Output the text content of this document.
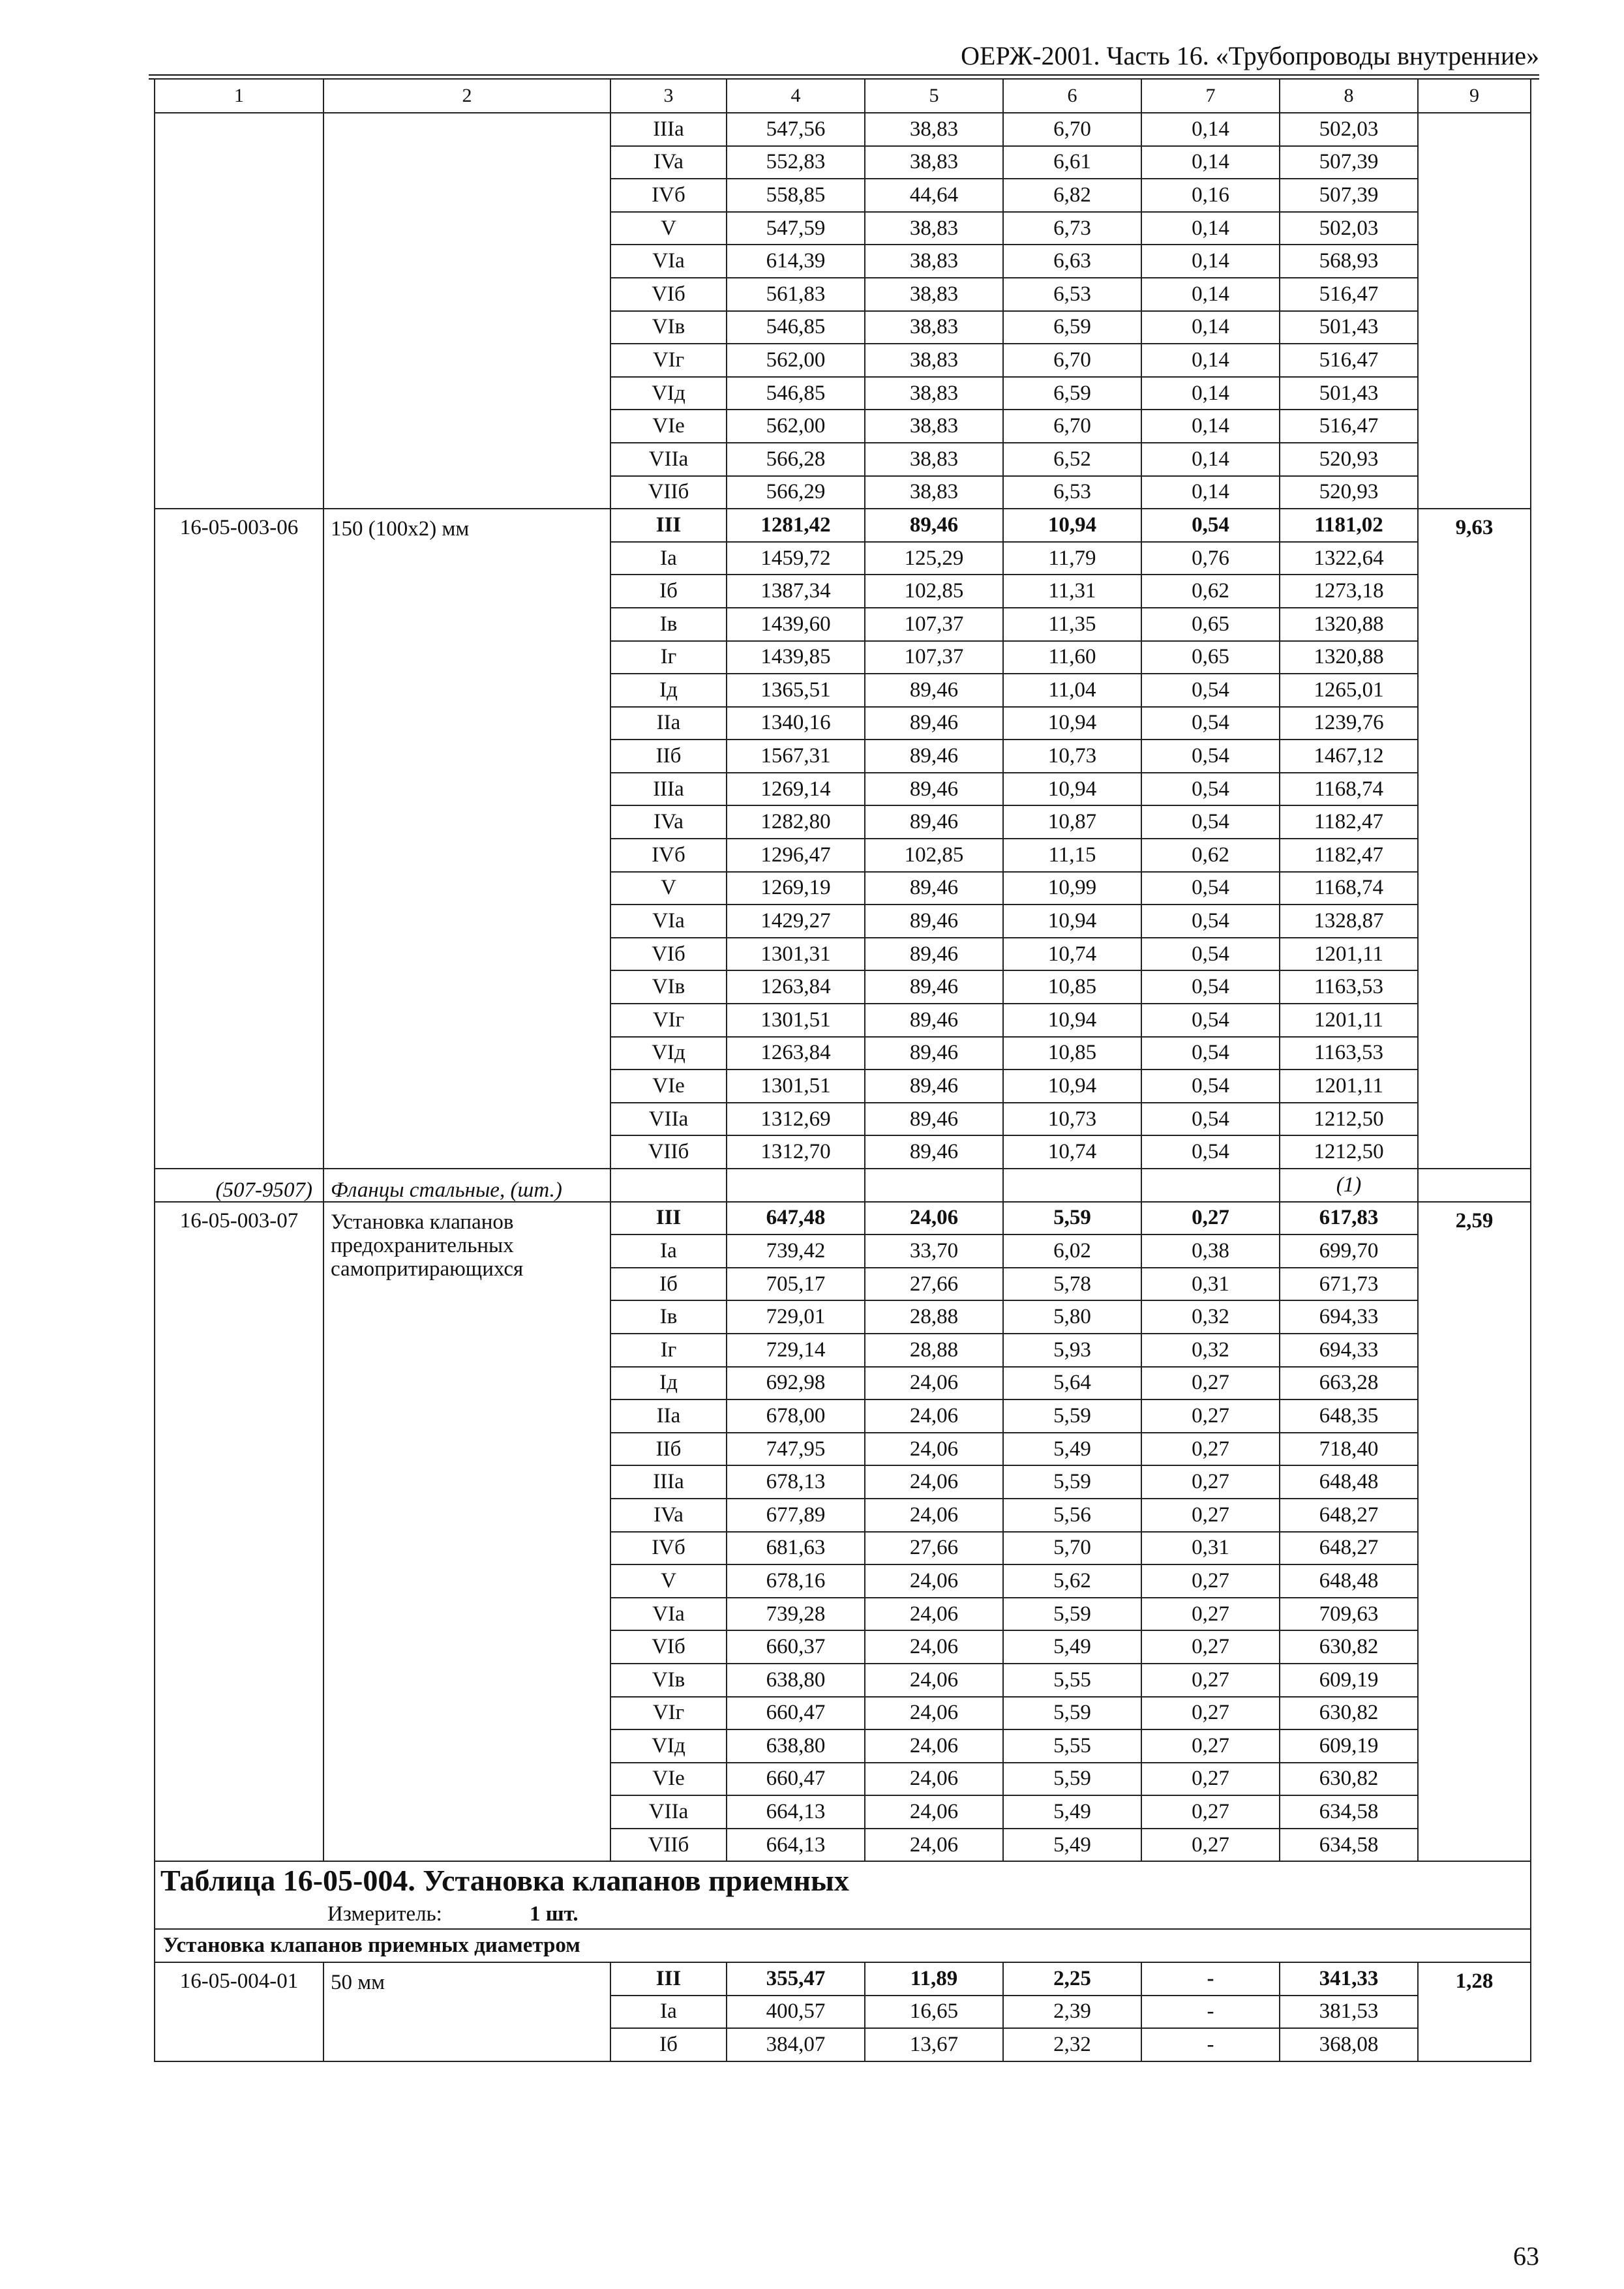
ОЕРЖ-2001. Часть 16. «Трубопроводы внутренние»
1	2	3	4	5	6	7	8	9
		IIIa	547,56	38,83	6,70	0,14	502,03	
		IVa	552,83	38,83	6,61	0,14	507,39	
		IVб	558,85	44,64	6,82	0,16	507,39	
		V	547,59	38,83	6,73	0,14	502,03	
		VIa	614,39	38,83	6,63	0,14	568,93	
		VIб	561,83	38,83	6,53	0,14	516,47	
		VIв	546,85	38,83	6,59	0,14	501,43	
		VIг	562,00	38,83	6,70	0,14	516,47	
		VIд	546,85	38,83	6,59	0,14	501,43	
		VIe	562,00	38,83	6,70	0,14	516,47	
		VIIa	566,28	38,83	6,52	0,14	520,93	
		VIIб	566,29	38,83	6,53	0,14	520,93	
16-05-003-06	150 (100х2) мм	III	1281,42	89,46	10,94	0,54	1181,02	9,63
		Ia	1459,72	125,29	11,79	0,76	1322,64	
		Iб	1387,34	102,85	11,31	0,62	1273,18	
		Iв	1439,60	107,37	11,35	0,65	1320,88	
		Iг	1439,85	107,37	11,60	0,65	1320,88	
		Iд	1365,51	89,46	11,04	0,54	1265,01	
		IIa	1340,16	89,46	10,94	0,54	1239,76	
		IIб	1567,31	89,46	10,73	0,54	1467,12	
		IIIa	1269,14	89,46	10,94	0,54	1168,74	
		IVa	1282,80	89,46	10,87	0,54	1182,47	
		IVб	1296,47	102,85	11,15	0,62	1182,47	
		V	1269,19	89,46	10,99	0,54	1168,74	
		VIa	1429,27	89,46	10,94	0,54	1328,87	
		VIб	1301,31	89,46	10,74	0,54	1201,11	
		VIв	1263,84	89,46	10,85	0,54	1163,53	
		VIг	1301,51	89,46	10,94	0,54	1201,11	
		VIд	1263,84	89,46	10,85	0,54	1163,53	
		VIe	1301,51	89,46	10,94	0,54	1201,11	
		VIIa	1312,69	89,46	10,73	0,54	1212,50	
		VIIб	1312,70	89,46	10,74	0,54	1212,50	
(507-9507)	Фланцы стальные, (шт.)						(1)	
16-05-003-07	Установка клапанов предохранительных самопритирающихся	III	647,48	24,06	5,59	0,27	617,83	2,59
		Ia	739,42	33,70	6,02	0,38	699,70	
		Iб	705,17	27,66	5,78	0,31	671,73	
		Iв	729,01	28,88	5,80	0,32	694,33	
		Iг	729,14	28,88	5,93	0,32	694,33	
		Iд	692,98	24,06	5,64	0,27	663,28	
		IIa	678,00	24,06	5,59	0,27	648,35	
		IIб	747,95	24,06	5,49	0,27	718,40	
		IIIa	678,13	24,06	5,59	0,27	648,48	
		IVa	677,89	24,06	5,56	0,27	648,27	
		IVб	681,63	27,66	5,70	0,31	648,27	
		V	678,16	24,06	5,62	0,27	648,48	
		VIa	739,28	24,06	5,59	0,27	709,63	
		VIб	660,37	24,06	5,49	0,27	630,82	
		VIв	638,80	24,06	5,55	0,27	609,19	
		VIг	660,47	24,06	5,59	0,27	630,82	
		VIд	638,80	24,06	5,55	0,27	609,19	
		VIe	660,47	24,06	5,59	0,27	630,82	
		VIIa	664,13	24,06	5,49	0,27	634,58	
		VIIб	664,13	24,06	5,49	0,27	634,58	
Таблица 16-05-004. Установка клапанов приемных								
Измеритель: 1 шт.								
Установка клапанов приемных диаметром								
16-05-004-01	50 мм	III	355,47	11,89	2,25	-	341,33	1,28
		Ia	400,57	16,65	2,39	-	381,53	
		Iб	384,07	13,67	2,32	-	368,08	
63
